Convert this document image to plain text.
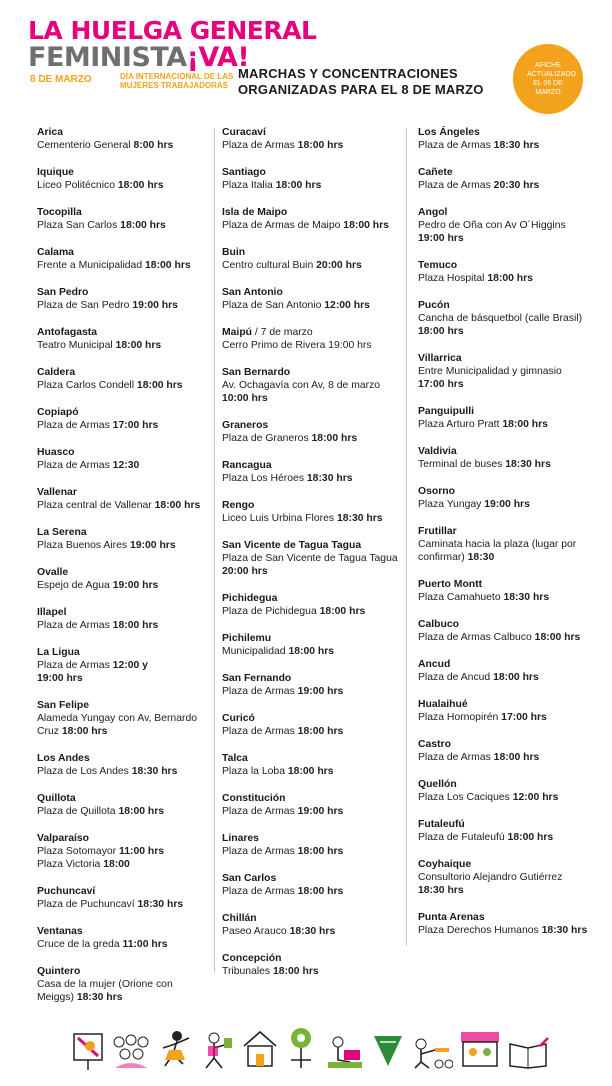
LA HUELGA GENERAL
FEMINISTA¡VA!
8 DE MARZO	DÍA INTERNACIONAL DE LAS MUJERES TRABAJADORAS
MARCHAS Y CONCENTRACIONES ORGANIZADAS PARA EL 8 DE MARZO
AFICHE ACTUALIZADO EL 06 DE MARZO
Arica
Cementerio General 8:00 hrs
Iquique
Liceo Politécnico 18:00 hrs
Tocopilla
Plaza San Carlos 18:00 hrs
Calama
Frente a Municipalidad 18:00 hrs
San Pedro
Plaza de San Pedro 19:00 hrs
Antofagasta
Teatro Municipal 18:00 hrs
Caldera
Plaza Carlos Condell 18:00 hrs
Copiapó
Plaza de Armas 17:00 hrs
Huasco
Plaza de Armas 12:30
Vallenar
Plaza central de Vallenar 18:00 hrs
La Serena
Plaza Buenos Aires 19:00 hrs
Ovalle
Espejo de Agua 19:00 hrs
Illapel
Plaza de Armas 18:00 hrs
La Ligua
Plaza de Armas 12:00 y
19:00 hrs
San Felipe
Alameda Yungay con Av, Bernardo
Cruz 18:00 hrs
Los Andes
Plaza de Los Andes 18:30 hrs
Quillota
Plaza de Quillota 18:00 hrs
Valparaíso
Plaza Sotomayor 11:00 hrs
Plaza Victoria 18:00
Puchuncaví
Plaza de Puchuncaví 18:30 hrs
Ventanas
Cruce de la greda 11:00 hrs
Quintero
Casa de la mujer (Orione con
Meiggs) 18:30 hrs
Curacaví
Plaza de Armas 18:00 hrs
Santiago
Plaza Italia 18:00 hrs
Isla de Maipo
Plaza de Armas de Maipo 18:00 hrs
Buin
Centro cultural Buin 20:00 hrs
San Antonio
Plaza de San Antonio 12:00 hrs
Maipú / 7 de marzo
Cerro Primo de Rivera 19:00 hrs
San Bernardo
Av. Ochagavía con Av, 8 de marzo
10:00 hrs
Graneros
Plaza de Graneros 18:00 hrs
Rancagua
Plaza Los Héroes 18:30 hrs
Rengo
Liceo Luis Urbina Flores 18:30 hrs
San Vicente de Tagua Tagua
Plaza de San Vicente de Tagua Tagua
20:00 hrs
Pichidegua
Plaza de Pichidegua 18:00 hrs
Pichilemu
Municipalidad 18:00 hrs
San Fernando
Plaza de Armas 19:00 hrs
Curicó
Plaza de Armas 18:00 hrs
Talca
Plaza la Loba 18:00 hrs
Constitución
Plaza de Armas 19:00 hrs
Linares
Plaza de Armas 18:00 hrs
San Carlos
Plaza de Armas 18:00 hrs
Chillán
Paseo Arauco 18:30 hrs
Concepción
Tribunales 18:00 hrs
Los Ángeles
Plaza de Armas 18:30 hrs
Cañete
Plaza de Armas 20:30 hrs
Angol
Pedro de Oña con Av O´Higgins
19:00 hrs
Temuco
Plaza Hospital 18:00 hrs
Pucón
Cancha de básquetbol (calle Brasil)
18:00 hrs
Villarrica
Entre Municipalidad y gimnasio
17:00 hrs
Panguipulli
Plaza Arturo Pratt 18:00 hrs
Valdivia
Terminal de buses 18:30 hrs
Osorno
Plaza Yungay 19:00 hrs
Frutillar
Caminata hacia la plaza (lugar por
confirmar) 18:30
Puerto Montt
Plaza Camahueto 18:30 hrs
Calbuco
Plaza de Armas Calbuco 18:00 hrs
Ancud
Plaza de Ancud 18:00 hrs
Hualaihué
Plaza Hornopirén 17:00 hrs
Castro
Plaza de Armas 18:00 hrs
Quellón
Plaza Los Caciques 12:00 hrs
Futaleufú
Plaza de Futaleufú 18:00 hrs
Coyhaique
Consultorio Alejandro Gutiérrez
18:30 hrs
Punta Arenas
Plaza Derechos Humanos 18:30 hrs
